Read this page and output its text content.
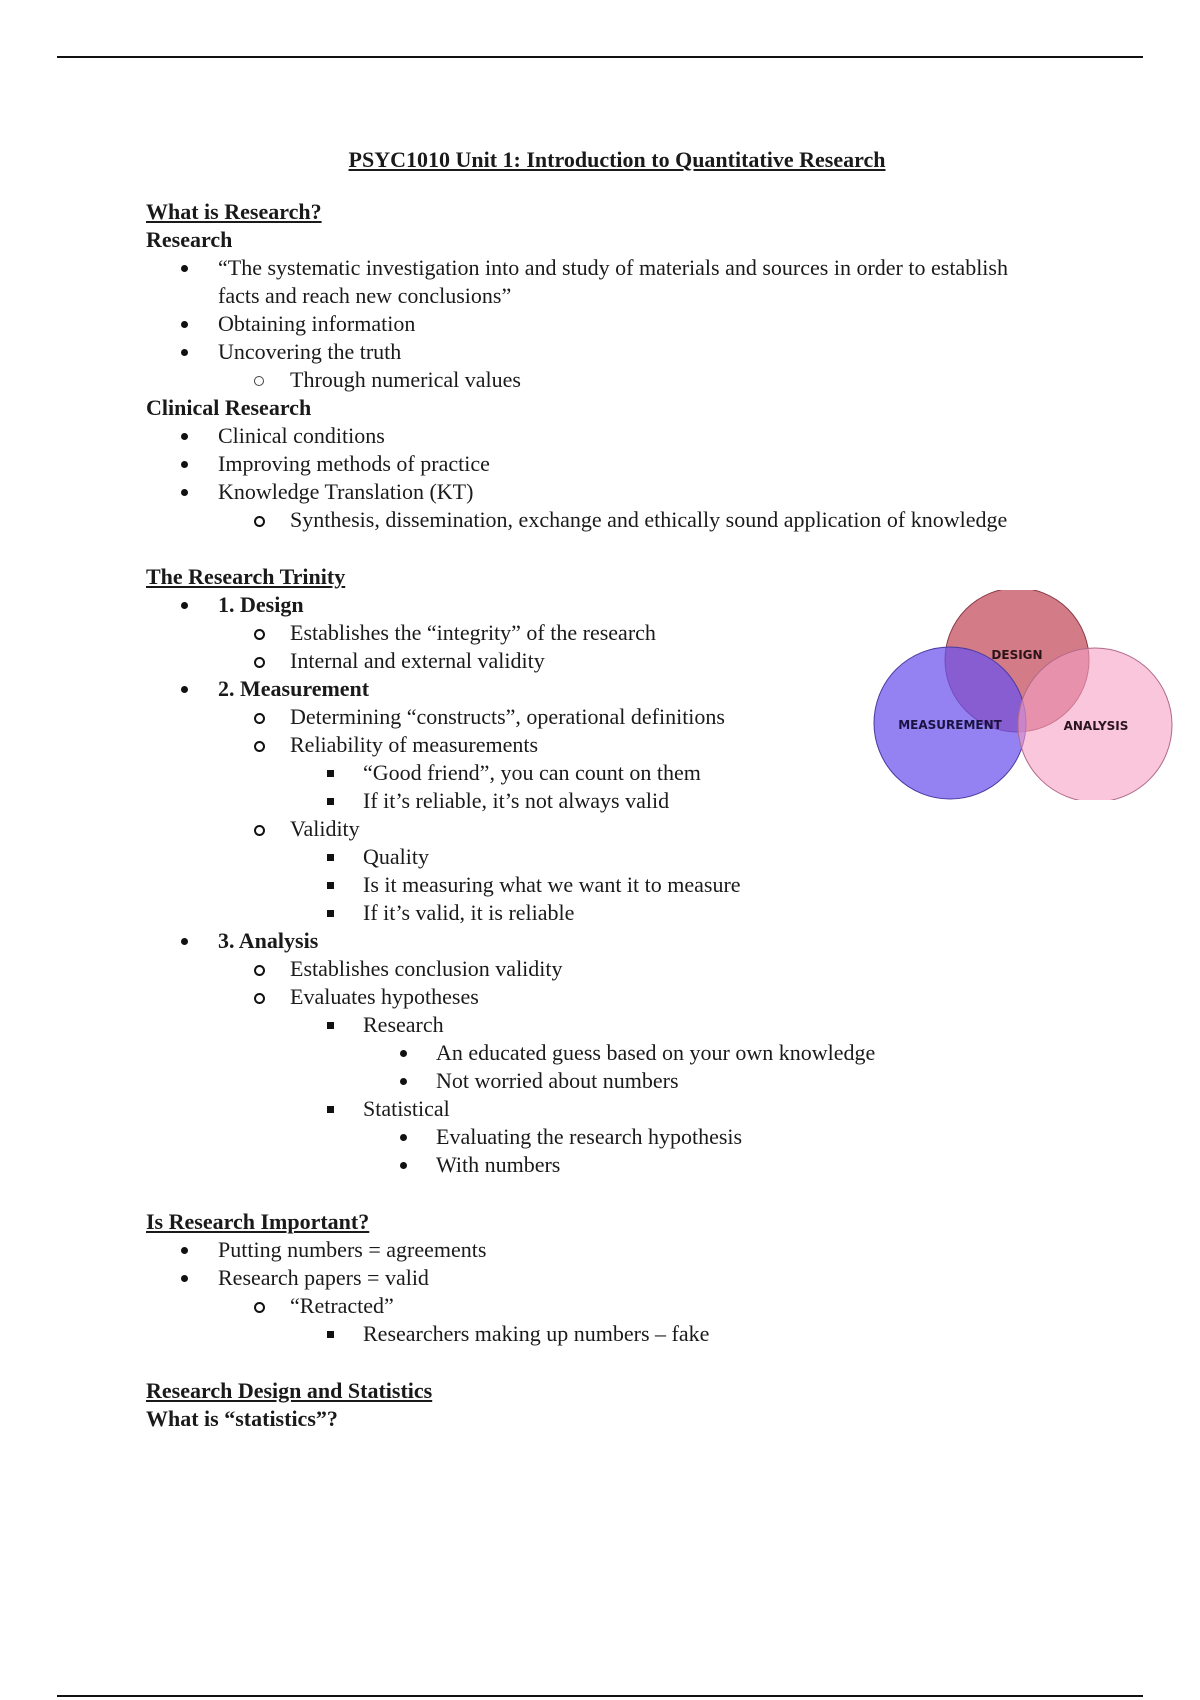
PSYC1010 Unit 1: Introduction to Quantitative Research
What is Research?
Research
“The systematic investigation into and study of materials and sources in order to establish
facts and reach new conclusions”
Obtaining information
Uncovering the truth
Through numerical values
Clinical Research
Clinical conditions
Improving methods of practice
Knowledge Translation (KT)
Synthesis, dissemination, exchange and ethically sound application of knowledge
The Research Trinity
1. Design
Establishes the “integrity” of the research
Internal and external validity
2. Measurement
Determining “constructs”, operational definitions
Reliability of measurements
“Good friend”, you can count on them
If it’s reliable, it’s not always valid
Validity
Quality
Is it measuring what we want it to measure
If it’s valid, it is reliable
3. Analysis
Establishes conclusion validity
Evaluates hypotheses
Research
An educated guess based on your own knowledge
Not worried about numbers
Statistical
Evaluating the research hypothesis
With numbers
Is Research Important?
Putting numbers = agreements
Research papers = valid
“Retracted”
Researchers making up numbers – fake
Research Design and Statistics
What is “statistics”?
DESIGN
MEASUREMENT	ANALYSIS
